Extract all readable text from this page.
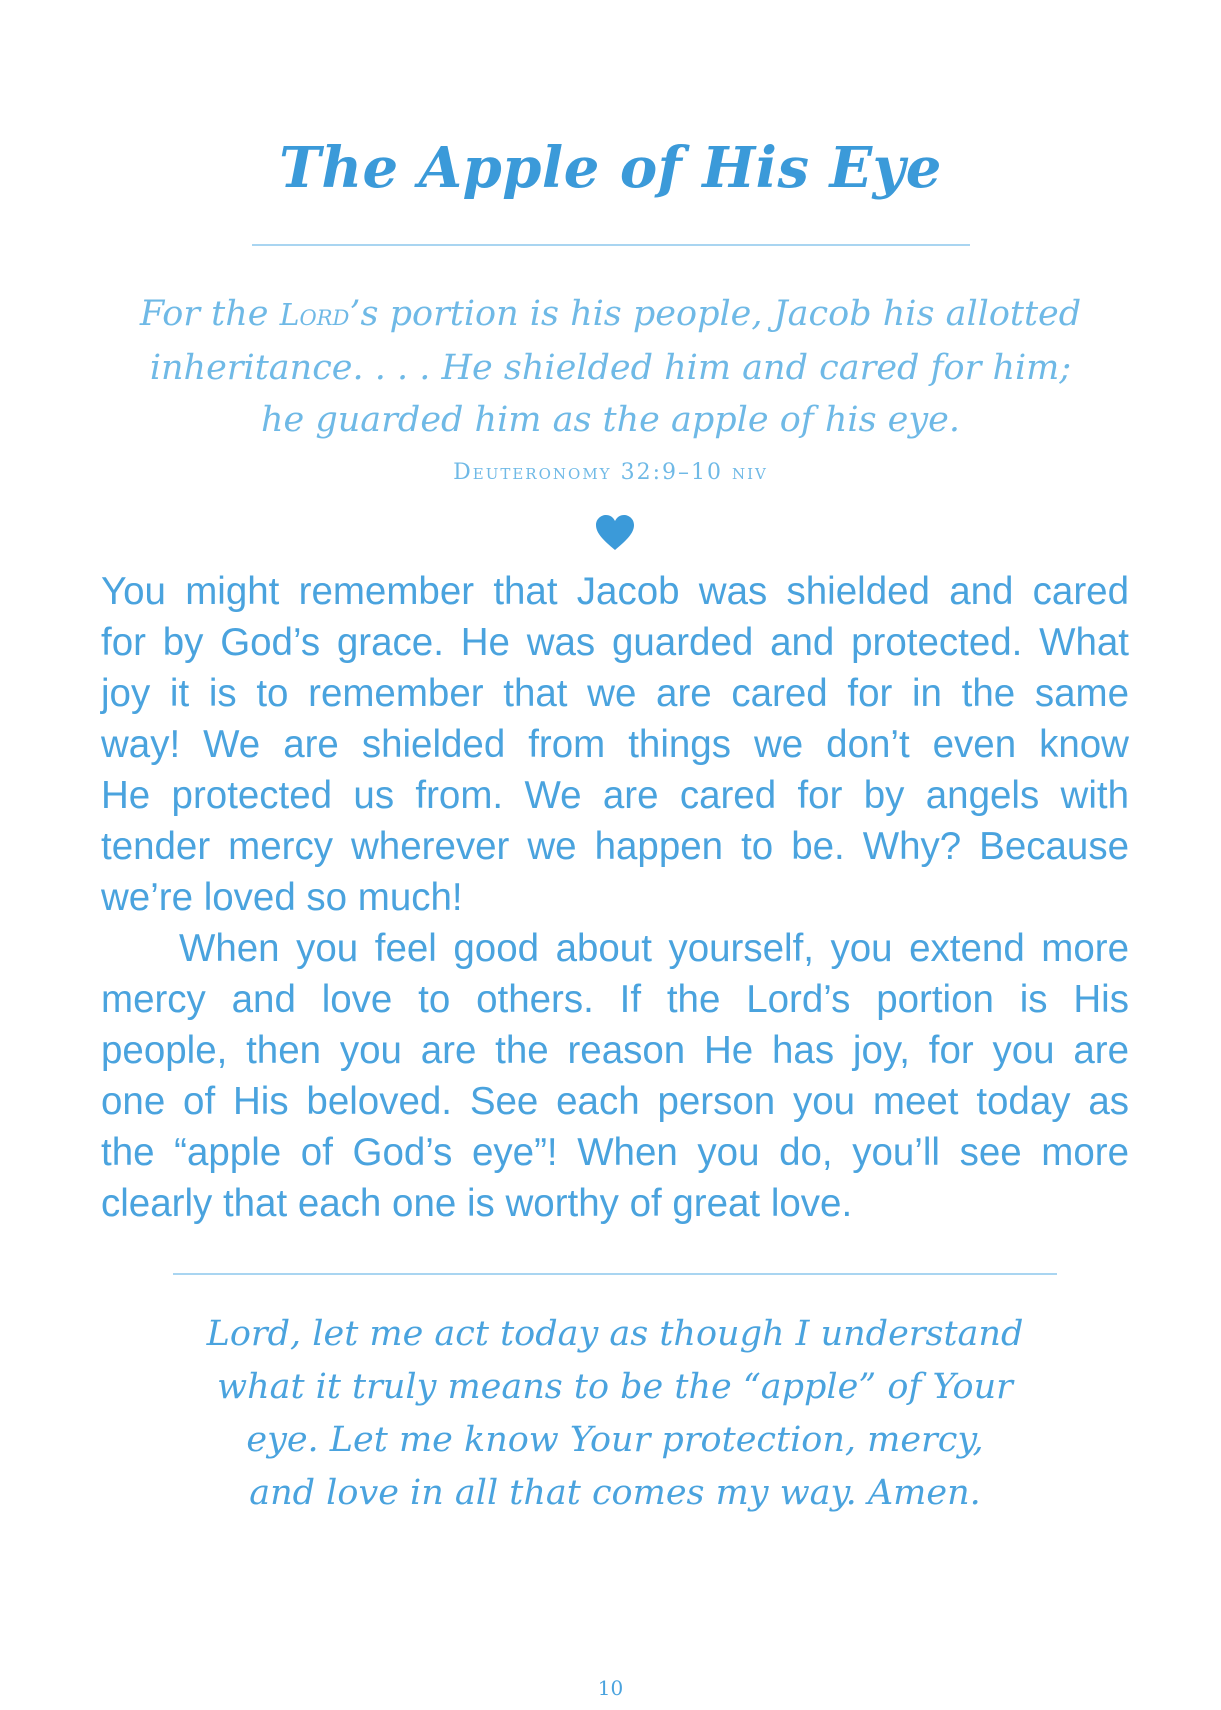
The Apple of His Eye
For the Lord’s portion is his people, Jacob his allotted
inheritance. . . . He shielded him and cared for him;
he guarded him as the apple of his eye.
Deuteronomy 32:9–10 niv
You might remember that Jacob was shielded and cared
for by God’s grace. He was guarded and protected. What
joy it is to remember that we are cared for in the same
way! We are shielded from things we don’t even know
He protected us from. We are cared for by angels with
tender mercy wherever we happen to be. Why? Because
we’re loved so much!
When you feel good about yourself, you extend more
mercy and love to others. If the Lord’s portion is His
people, then you are the reason He has joy, for you are
one of His beloved. See each person you meet today as
the “apple of God’s eye”! When you do, you’ll see more
clearly that each one is worthy of great love.
Lord, let me act today as though I understand
what it truly means to be the “apple” of Your
eye. Let me know Your protection, mercy,
and love in all that comes my way. Amen.
10
